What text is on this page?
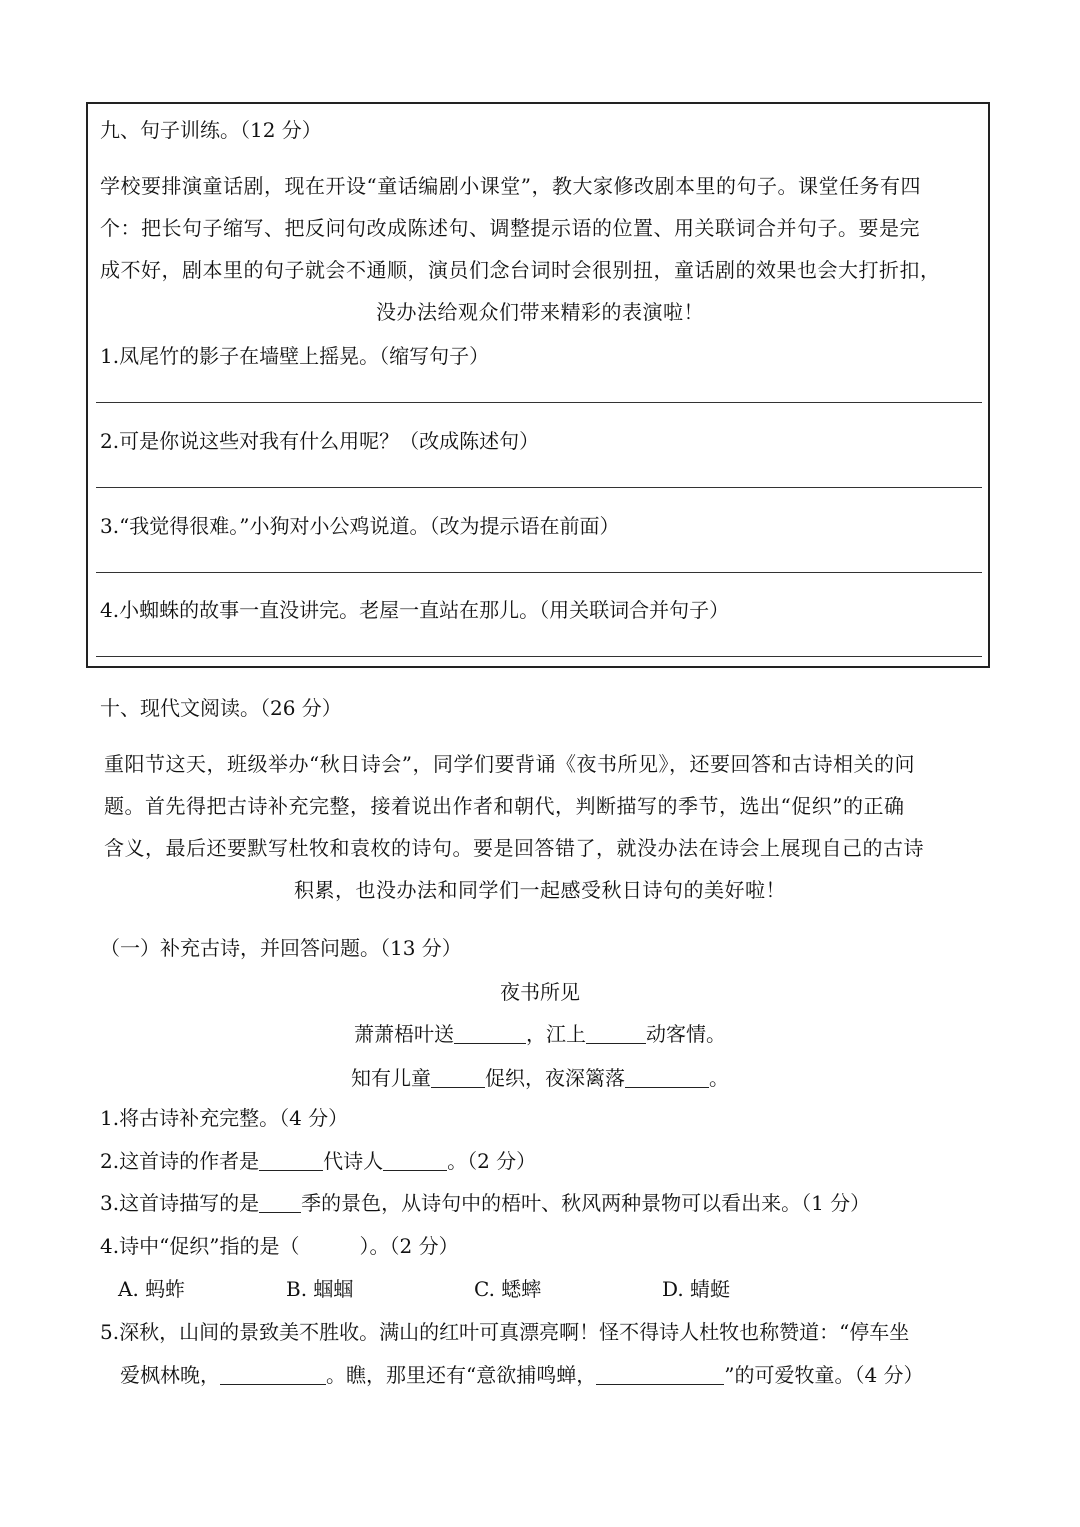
九、句子训练。（12 分）
学校要排演童话剧，现在开设“童话编剧小课堂”，教大家修改剧本里的句子。课堂任务有四
个：把长句子缩写、把反问句改成陈述句、调整提示语的位置、用关联词合并句子。要是完
成不好，剧本里的句子就会不通顺，演员们念台词时会很别扭，童话剧的效果也会大打折扣，
没办法给观众们带来精彩的表演啦！
1.凤尾竹的影子在墙壁上摇晃。（缩写句子）
2.可是你说这些对我有什么用呢？（改成陈述句）
3.“我觉得很难。”小狗对小公鸡说道。（改为提示语在前面）
4.小蜘蛛的故事一直没讲完。老屋一直站在那儿。（用关联词合并句子）
十、现代文阅读。（26 分）
重阳节这天，班级举办“秋日诗会”，同学们要背诵《夜书所见》，还要回答和古诗相关的问
题。首先得把古诗补充完整，接着说出作者和朝代，判断描写的季节，选出“促织”的正确
含义，最后还要默写杜牧和袁枚的诗句。要是回答错了，就没办法在诗会上展现自己的古诗
积累，也没办法和同学们一起感受秋日诗句的美好啦！
（一）补充古诗，并回答问题。（13 分）
夜书所见
萧萧梧叶送	，江上	动客情。
知有儿童	促织，夜深篱落	。
1.将古诗补充完整。（4 分）
2.这首诗的作者是	代诗人	。（2 分）
3.这首诗描写的是 季的景色，从诗句中的梧叶、秋风两种景物可以看出来。（1 分）
4.诗中“促织”指的是（　　　）。（2 分）
A. 蚂蚱	B. 蝈蝈	C. 蟋蟀	D. 蜻蜓
5.深秋，山间的景致美不胜收。满山的红叶可真漂亮啊！怪不得诗人杜牧也称赞道：“停车坐
爱枫林晚，	。瞧，那里还有“意欲捕鸣蝉，	”的可爱牧童。（4 分）
